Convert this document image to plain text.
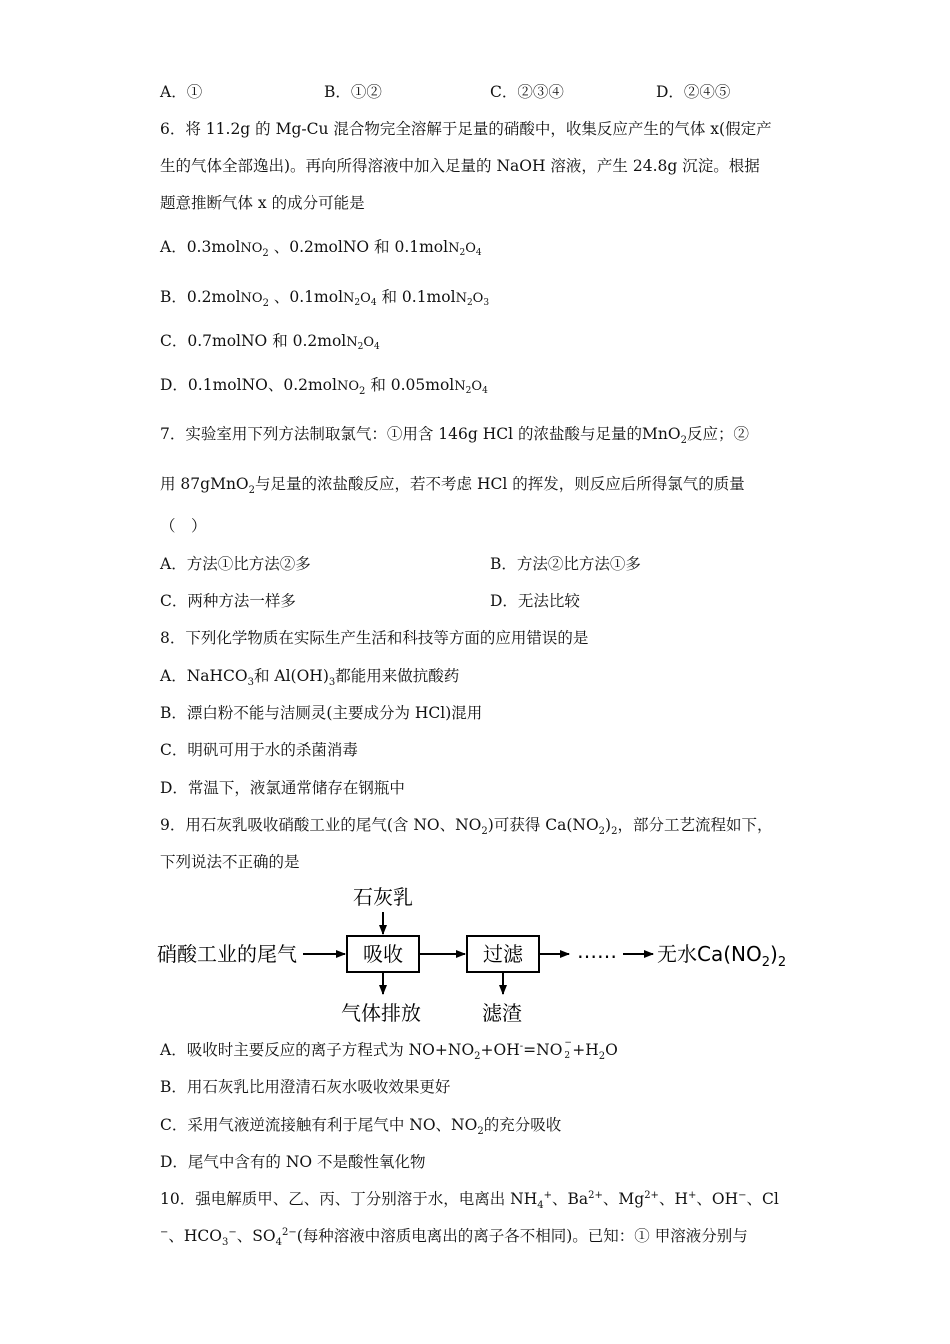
A．①	B．①②	C．②③④	D．②④⑤
6．将 11.2g 的 Mg-Cu 混合物完全溶解于足量的硝酸中，收集反应产生的气体 x(假定产
生的气体全部逸出)。再向所得溶液中加入足量的 NaOH 溶液，产生 24.8g 沉淀。根据
题意推断气体 x 的成分可能是
A．0.3molNO$_2$ 、0.2molNO 和 0.1molN2O4
B．0.2molNO$_2$ 、0.1molN2O4 和 0.1molN2O3
C．0.7molNO 和 0.2molN2O4
D．0.1molNO、0.2molNO$_2$ 和 0.05molN2O4
7．实验室用下列方法制取氯气：①用含 146g HCl 的浓盐酸与足量的MnO$_2$反应；②
用 87gMnO$_2$与足量的浓盐酸反应，若不考虑 HCl 的挥发，则反应后所得氯气的质量
（　）
A．方法①比方法②多	B．方法②比方法①多
C．两种方法一样多	D．无法比较
8．下列化学物质在实际生产生活和科技等方面的应用错误的是
A．NaHCO$_3$和 $Al(OH)_3$都能用来做抗酸药
B．漂白粉不能与洁厕灵(主要成分为 HCl)混用
C．明矾可用于水的杀菌消毒
D．常温下，液氯通常储存在钢瓶中
9．用石灰乳吸收硝酸工业的尾气(含 NO、$NO_2$)可获得 $Ca(NO_2)_2$，部分工艺流程如下，
下列说法不正确的是
石灰乳
硝酸工业的尾气	吸收	过滤	…… 无水$Ca(NO_2)_2$
气体排放	滤渣
A．吸收时主要反应的离子方程式为 $NO+NO_2+OH^-=NO$ −
$2 +H_2O$
B．用石灰乳比用澄清石灰水吸收效果更好
C．采用气液逆流接触有利于尾气中 NO、$NO_2$的充分吸收
D．尾气中含有的 NO 不是酸性氧化物
10．强电解质甲、乙、丙、丁分别溶于水，电离出 $NH_4^+$、$Ba^{2+}$、$Mg^{2+}$、H+、OH−、Cl
−、$HCO_3^-$、$SO_4^{2-}$(每种溶液中溶质电离出的离子各不相同)。已知：① 甲溶液分别与
